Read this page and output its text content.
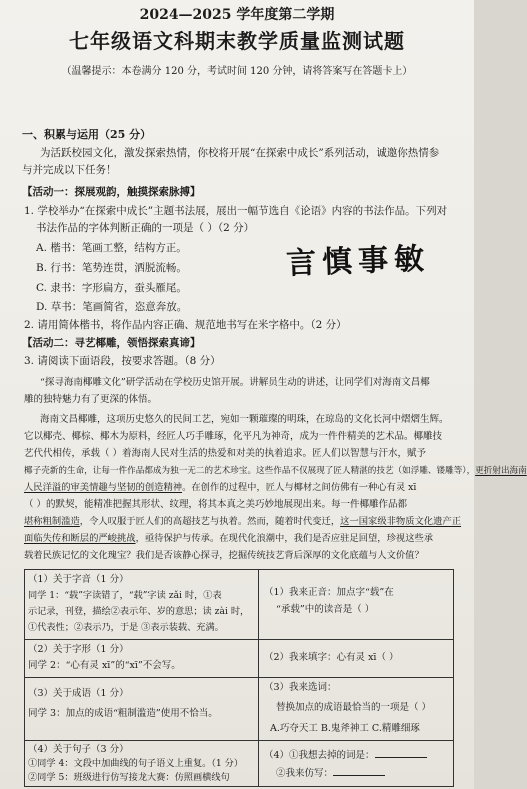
2024—2025 学年度第二学期
七年级语文科期末教学质量监测试题
（温馨提示：本卷满分 120 分，考试时间 120 分钟，请将答案写在答题卡上）
一、积累与运用（25 分）
为活跃校园文化，激发探索热情，你校将开展“在探索中成长”系列活动，诚邀你热情参
与并完成以下任务！
【活动一：探展观韵，触摸探索脉搏】
1. 学校举办“在探索中成长”主题书法展，展出一幅节选自《论语》内容的书法作品。下列对
书法作品的字体判断正确的一项是（ ）（2 分）
言慎事敏
A. 楷书：笔画工整，结构方正。
B. 行书：笔势连贯，洒脱流畅。
C. 隶书：字形扁方，蚕头雁尾。
D. 草书：笔画简省，恣意奔放。
2. 请用简体楷书，将作品内容正确、规范地书写在米字格中。（2 分）
【活动二：寻艺椰雕，领悟探索真谛】
3. 请阅读下面语段，按要求答题。（8 分）
“探寻海南椰雕文化”研学活动在学校历史馆开展。讲解员生动的讲述，让同学们对海南文昌椰
雕的独特魅力有了更深的体悟。
海南文昌椰雕，这项历史悠久的民间工艺，宛如一颗璀璨的明珠，在琼岛的文化长河中熠熠生辉。
它以椰壳、椰棕、椰木为原料，经匠人巧手雕琢，化平凡为神奇，成为一件件精美的艺术品。椰雕技
艺代代相传，承载（ ）着海南人民对生活的热爱和对美的执着追求。匠人们以智慧与汗水，赋予
椰子壳新的生命，让每一件作品都成为独一无二的艺术珍宝。这些作品不仅展现了匠人精湛的技艺（如浮雕、镂雕等），更折射出海南
人民洋溢的审美情趣与坚韧的创造精神。在创作的过程中，匠人与椰材之间仿佛有一种心有灵 xī
（ ）的默契，能精准把握其形状、纹理，将其本真之美巧妙地展现出来。每一件椰雕作品都
堪称粗制滥造，令人叹服于匠人们的高超技艺与执着。然而，随着时代变迁，这一国家级非物质文化遗产正
面临失传和断层的严峻挑战，亟待保护与传承。在现代化浪潮中，我们是否应驻足回望，珍视这些承
载着民族记忆的文化瑰宝？我们是否该静心探寻，挖掘传统技艺背后深厚的文化底蕴与人文价值？
（1）关于字音（1 分）
同学 1：“载”字读错了，“载”字读 zǎi 时，①表
示记录，刊登，描绘②表示年、岁的意思；读 zài 时，
①代表性；②表示乃，于是 ③表示装载、充满。
（1）我来正音：加点字“载”在
“承载”中的读音是（ ）
（2）关于字形（1 分）
同学 2：“心有灵 xī”的“xī”不会写。
（2）我来填字：心有灵 xī（ ）
（3）关于成语（1 分）
同学 3：加点的成语“粗制滥造”使用不恰当。
（3）我来选词：
替换加点的成语最恰当的一项是（ ）
A.巧夺天工 B.鬼斧神工 C.精雕细琢
（4）关于句子（3 分）
①同学 4：文段中加曲线的句子语义上重复。（1 分）
②同学 5：班级进行仿写接龙大赛：仿照画横线句
（4）①我想去掉的词是：
②我来仿写：
